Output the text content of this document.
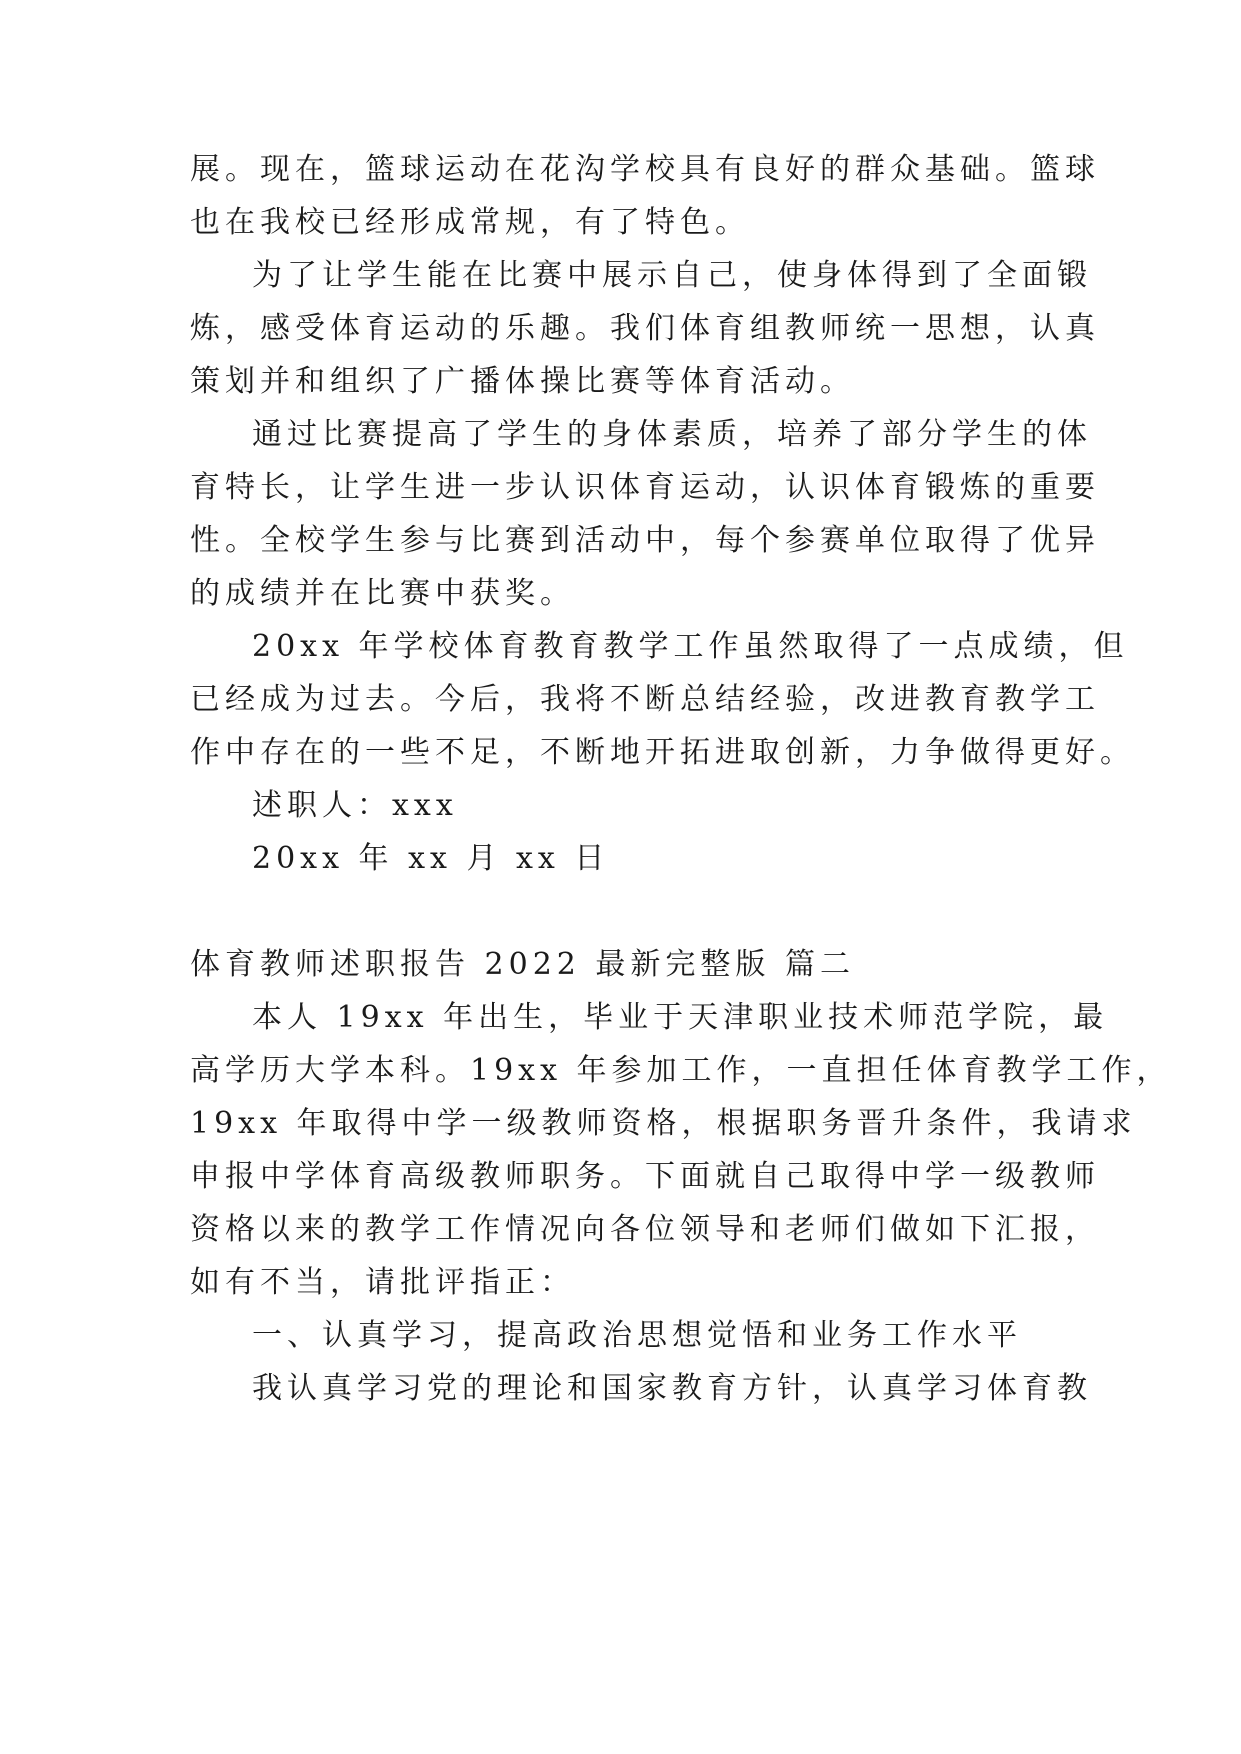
展。现在，篮球运动在花沟学校具有良好的群众基础。篮球
也在我校已经形成常规，有了特色。
为了让学生能在比赛中展示自己，使身体得到了全面锻
炼，感受体育运动的乐趣。我们体育组教师统一思想，认真
策划并和组织了广播体操比赛等体育活动。
通过比赛提高了学生的身体素质，培养了部分学生的体
育特长，让学生进一步认识体育运动，认识体育锻炼的重要
性。全校学生参与比赛到活动中，每个参赛单位取得了优异
的成绩并在比赛中获奖。
20xx 年学校体育教育教学工作虽然取得了一点成绩，但
已经成为过去。今后，我将不断总结经验，改进教育教学工
作中存在的一些不足，不断地开拓进取创新，力争做得更好。
述职人：xxx
20xx 年 xx 月 xx 日
体育教师述职报告 2022 最新完整版 篇二
本人 19xx 年出生，毕业于天津职业技术师范学院，最
高学历大学本科。19xx 年参加工作，一直担任体育教学工作，
19xx 年取得中学一级教师资格，根据职务晋升条件，我请求
申报中学体育高级教师职务。下面就自己取得中学一级教师
资格以来的教学工作情况向各位领导和老师们做如下汇报，
如有不当，请批评指正：
一、认真学习，提高政治思想觉悟和业务工作水平
我认真学习党的理论和国家教育方针，认真学习体育教
